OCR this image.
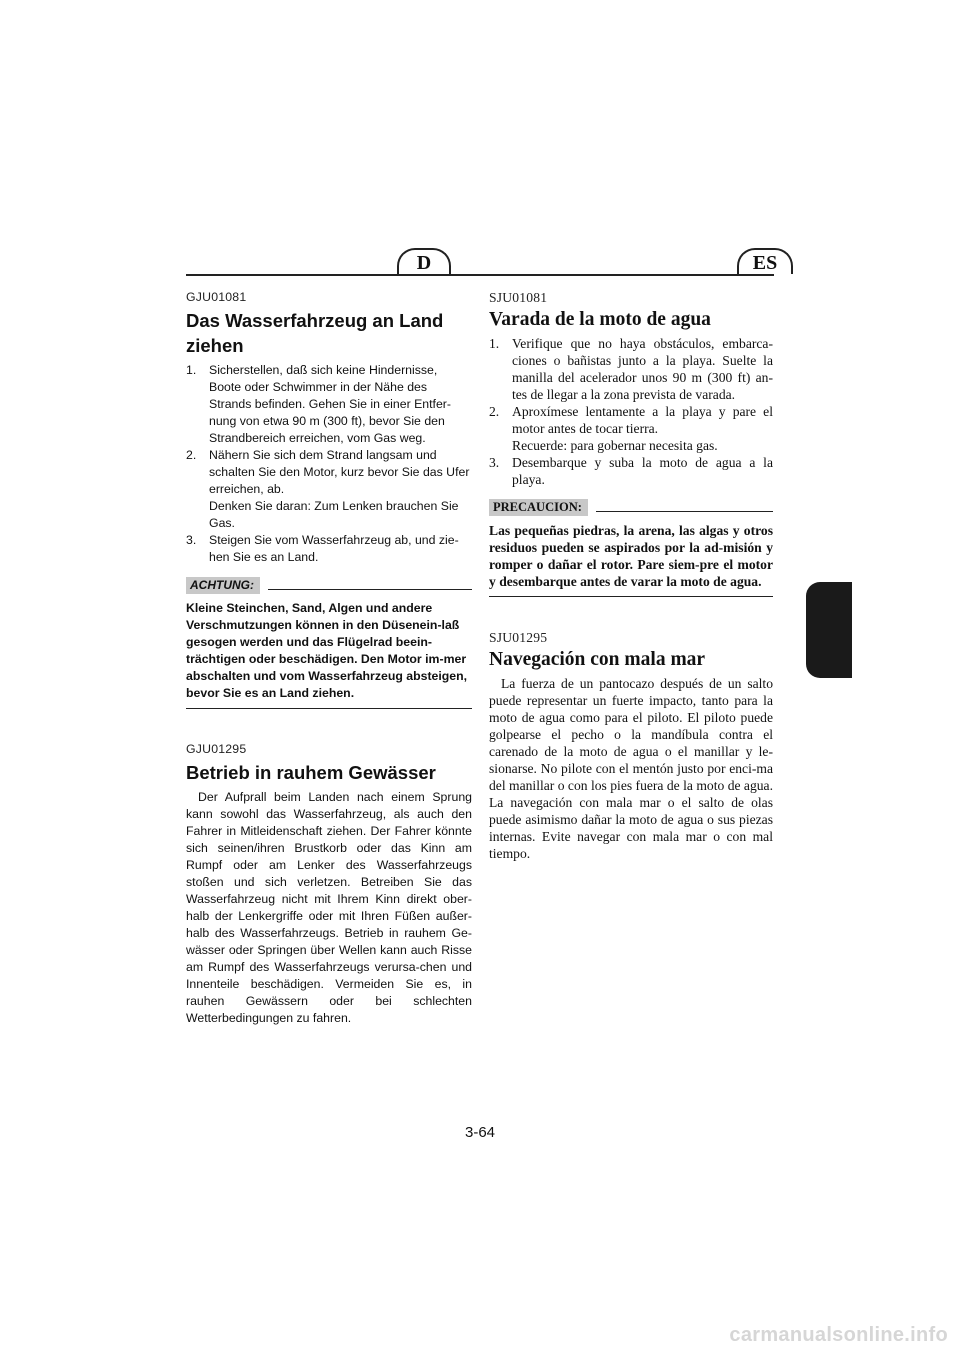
D	ES

GJU01081

Das Wasserfahrzeug an Land ziehen
1. Sicherstellen, daß sich keine Hindernisse, Boote oder Schwimmer in der Nähe des Strands befinden. Gehen Sie in einer Entfer-nung von etwa 90 m (300 ft), bevor Sie den Strandbereich erreichen, vom Gas weg.
2. Nähern Sie sich dem Strand langsam und schalten Sie den Motor, kurz bevor Sie das Ufer erreichen, ab.
Denken Sie daran: Zum Lenken brauchen Sie Gas.
3. Steigen Sie vom Wasserfahrzeug ab, und zie-hen Sie es an Land.
ACHTUNG:

Kleine Steinchen, Sand, Algen und andere Verschmutzungen können in den Düsenein-laß gesogen werden und das Flügelrad beein-trächtigen oder beschädigen. Den Motor im-mer abschalten und vom Wasserfahrzeug absteigen, bevor Sie es an Land ziehen.

GJU01295

Betrieb in rauhem Gewässer

Der Aufprall beim Landen nach einem Sprung kann sowohl das Wasserfahrzeug, als auch den Fahrer in Mitleidenschaft ziehen. Der Fahrer könnte sich seinen/ihren Brustkorb oder das Kinn am Rumpf oder am Lenker des Wasserfahrzeugs stoßen und sich verletzen. Betreiben Sie das Wasserfahrzeug nicht mit Ihrem Kinn direkt ober-halb der Lenkergriffe oder mit Ihren Füßen außer-halb des Wasserfahrzeugs. Betrieb in rauhem Ge-wässer oder Springen über Wellen kann auch Risse am Rumpf des Wasserfahrzeugs verursa-chen und Innenteile beschädigen. Vermeiden Sie es, in rauhen Gewässern oder bei schlechten Wetterbedingungen zu fahren.

SJU01081

Varada de la moto de agua
1. Verifique que no haya obstáculos, embarca-ciones o bañistas junto a la playa. Suelte la manilla del acelerador unos 90 m (300 ft) an-tes de llegar a la zona prevista de varada.
2. Aproxímese lentamente a la playa y pare el motor antes de tocar tierra.
Recuerde: para gobernar necesita gas.
3. Desembarque y suba la moto de agua a la playa.
PRECAUCION:

Las pequeñas piedras, la arena, las algas y otros residuos pueden se aspirados por la ad-misión y romper o dañar el rotor. Pare siem-pre el motor y desembarque antes de varar la moto de agua.

SJU01295

Navegación con mala mar

La fuerza de un pantocazo después de un salto puede representar un fuerte impacto, tanto para la moto de agua como para el piloto. El piloto puede golpearse el pecho o la mandíbula contra el carenado de la moto de agua o el manillar y le-sionarse. No pilote con el mentón justo por enci-ma del manillar o con los pies fuera de la moto de agua. La navegación con mala mar o el salto de olas puede asimismo dañar la moto de agua o sus piezas internas. Evite navegar con mala mar o con mal tiempo.

3-64
carmanualsonline.info
